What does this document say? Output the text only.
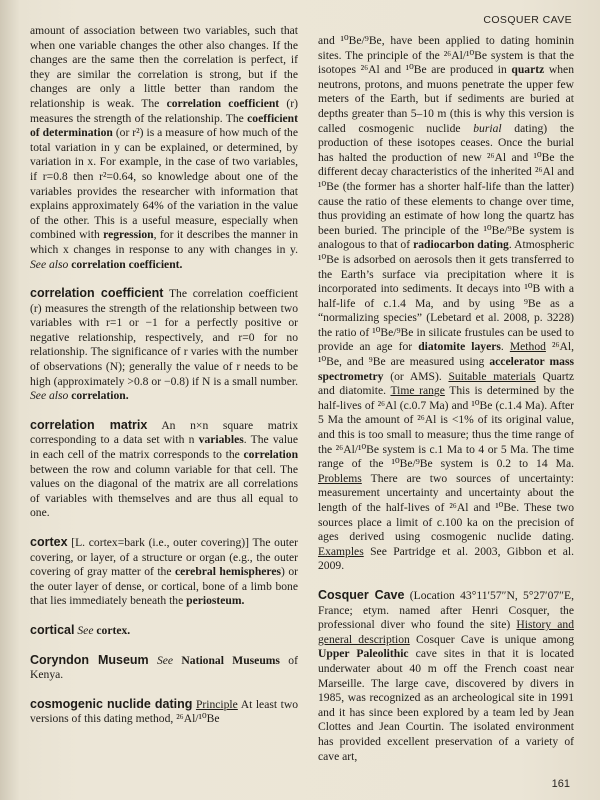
COSQUER CAVE

amount of association between two variables, such that when one variable changes the other also changes. If the changes are the same then the correlation is perfect, if they are similar the correlation is strong, but if the changes are only a little better than random the relationship is weak. The correlation coefficient (r) measures the strength of the relationship. The coefficient of determination (or r²) is a measure of how much of the total variation in y can be explained, or determined, by variation in x. For example, in the case of two variables, if r=0.8 then r²=0.64, so knowledge about one of the variables provides the researcher with information that explains approximately 64% of the variation in the value of the other. This is a useful measure, especially when combined with regression, for it describes the manner in which x changes in response to any with changes in y. See also correlation coefficient.

correlation coefficient The correlation coefficient (r) measures the strength of the relationship between two variables with r=1 or −1 for a perfectly positive or negative relationship, respectively, and r=0 for no relationship. The significance of r varies with the number of observations (N); generally the value of r needs to be high (approximately >0.8 or −0.8) if N is a small number. See also correlation.

correlation matrix An n×n square matrix corresponding to a data set with n variables. The value in each cell of the matrix corresponds to the correlation between the row and column variable for that cell. The values on the diagonal of the matrix are all correlations of variables with themselves and are thus all equal to one.

cortex [L. cortex=bark (i.e., outer covering)] The outer covering, or layer, of a structure or organ (e.g., the outer covering of gray matter of the cerebral hemispheres) or the outer layer of dense, or cortical, bone of a limb bone that lies immediately beneath the periosteum.

cortical See cortex.

Coryndon Museum See National Museums of Kenya.

cosmogenic nuclide dating Principle At least two versions of this dating method, ²⁶Al/¹⁰Be

and ¹⁰Be/⁹Be, have been applied to dating hominin sites. The principle of the ²⁶Al/¹⁰Be system is that the isotopes ²⁶Al and ¹⁰Be are produced in quartz when neutrons, protons, and muons penetrate the upper few meters of the Earth, but if sediments are buried at depths greater than 5–10 m (this is why this version is called cosmogenic nuclide burial dating) the production of these isotopes ceases. Once the burial has halted the production of new ²⁶Al and ¹⁰Be the different decay characteristics of the inherited ²⁶Al and ¹⁰Be (the former has a shorter half-life than the latter) cause the ratio of these elements to change over time, thus providing an estimate of how long the quartz has been buried. The principle of the ¹⁰Be/⁹Be system is analogous to that of radiocarbon dating. Atmospheric ¹⁰Be is adsorbed on aerosols then it gets transferred to the Earth’s surface via precipitation where it is incorporated into sediments. It decays into ¹⁰B with a half-life of c.1.4 Ma, and by using ⁹Be as a “normalizing species” (Lebetard et al. 2008, p. 3228) the ratio of ¹⁰Be/⁹Be in silicate frustules can be used to provide an age for diatomite layers. Method ²⁶Al, ¹⁰Be, and ⁹Be are measured using accelerator mass spectrometry (or AMS). Suitable materials Quartz and diatomite. Time range This is determined by the half-lives of ²⁶Al (c.0.7 Ma) and ¹⁰Be (c.1.4 Ma). After 5 Ma the amount of ²⁶Al is <1% of its original value, and this is too small to measure; thus the time range of the ²⁶Al/¹⁰Be system is c.1 Ma to 4 or 5 Ma. The time range of the ¹⁰Be/⁹Be system is 0.2 to 14 Ma. Problems There are two sources of uncertainty: measurement uncertainty and uncertainty about the length of the half-lives of ²⁶Al and ¹⁰Be. These two sources place a limit of c.100 ka on the precision of ages derived using cosmogenic nuclide dating. Examples See Partridge et al. 2003, Gibbon et al. 2009.

Cosquer Cave (Location 43°11′57″N, 5°27′07″E, France; etym. named after Henri Cosquer, the professional diver who found the site) History and general description Cosquer Cave is unique among Upper Paleolithic cave sites in that it is located underwater about 40 m off the French coast near Marseille. The large cave, discovered by divers in 1985, was recognized as an archeological site in 1991 and it has since been explored by a team led by Jean Clottes and Jean Courtin. The isolated environment has provided excellent preservation of a variety of cave art,

161
